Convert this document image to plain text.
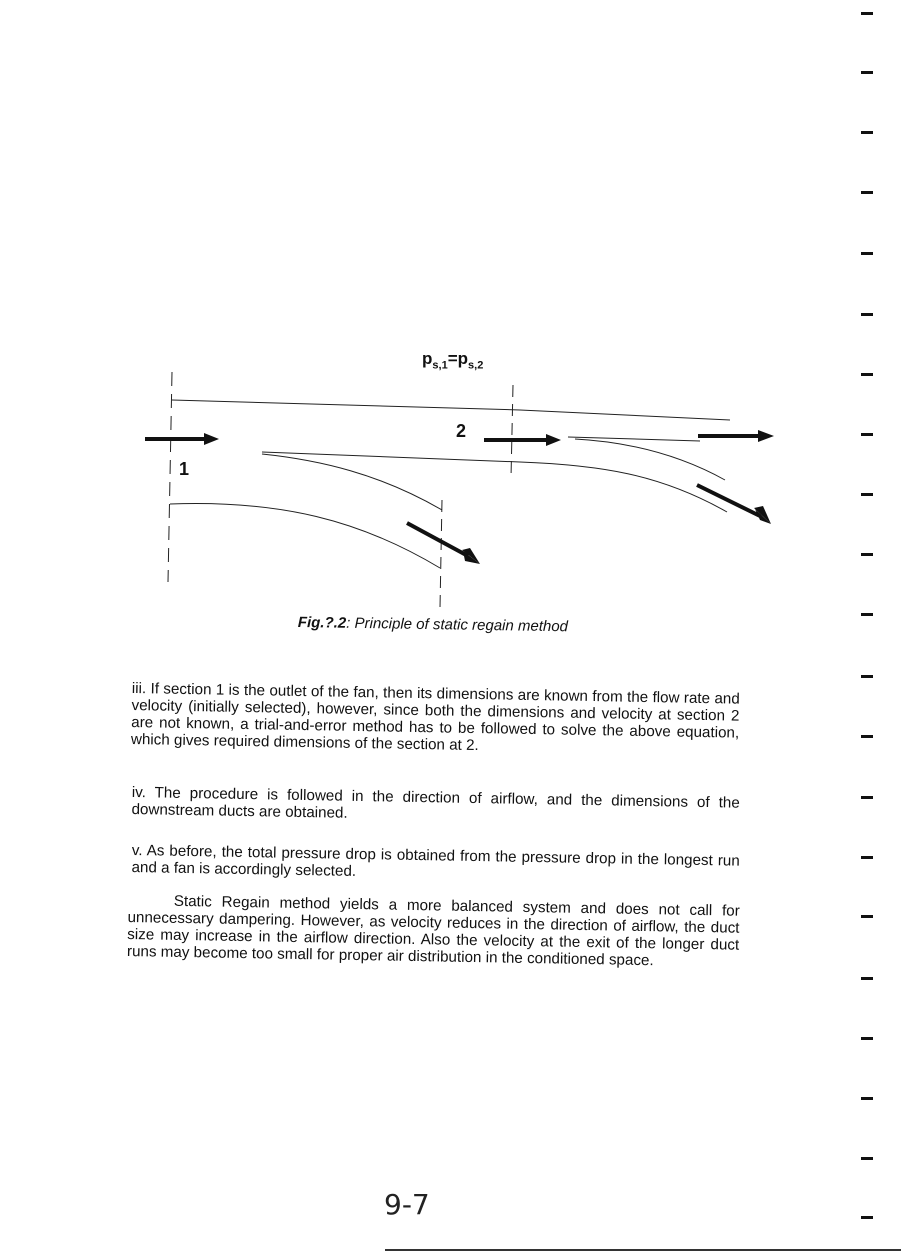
$p_{s,1}=p_{s,2}$
1
2
Fig.?.2: Principle of static regain method

iii. If section 1 is the outlet of the fan, then its dimensions are known from the flow rate and velocity (initially selected), however, since both the dimensions and velocity at section 2 are not known, a trial-and-error method has to be followed to solve the above equation, which gives required dimensions of the section at 2.

iv. The procedure is followed in the direction of airflow, and the dimensions of the downstream ducts are obtained.

v. As before, the total pressure drop is obtained from the pressure drop in the longest run and a fan is accordingly selected.

Static Regain method yields a more balanced system and does not call for unnecessary dampering. However, as velocity reduces in the direction of airflow, the duct size may increase in the airflow direction. Also the velocity at the exit of the longer duct runs may become too small for proper air distribution in the conditioned space.

9-7
